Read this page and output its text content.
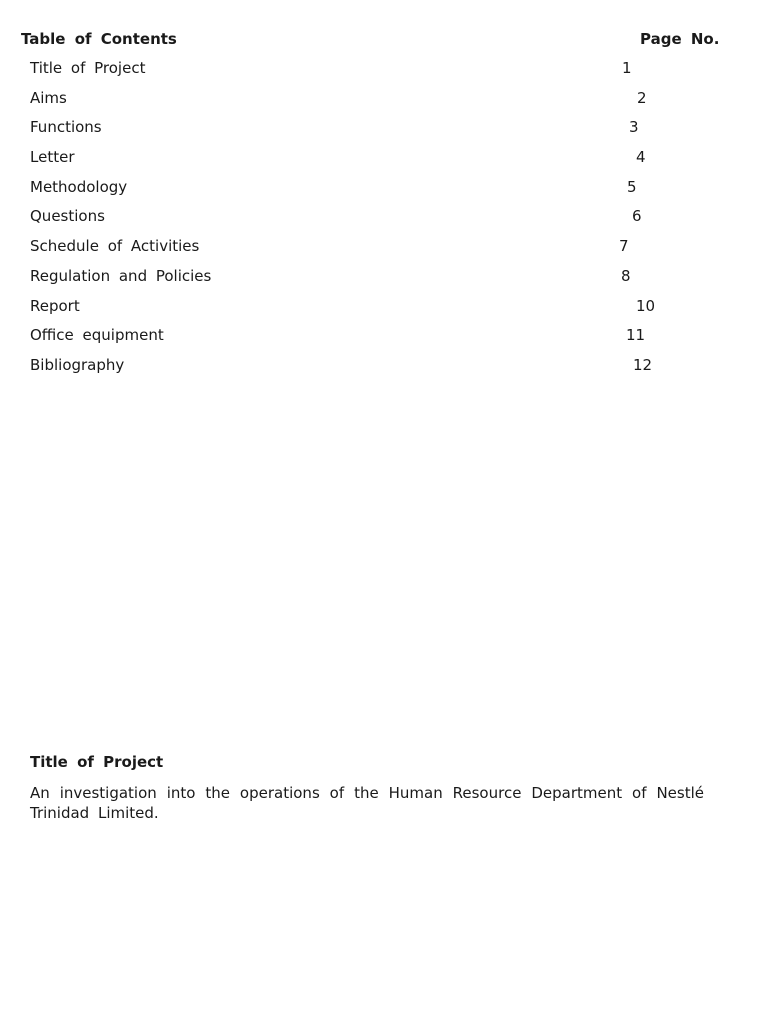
Table of Contents	Page No.
Title of Project	1
Aims	2
Functions	3
Letter	4
Methodology	5
Questions	6
Schedule of Activities	7
Regulation and Policies	8
Report	10
Office equipment	11
Bibliography	12
Title of Project
An investigation into the operations of the Human Resource Department of Nestlé Trinidad Limited.
